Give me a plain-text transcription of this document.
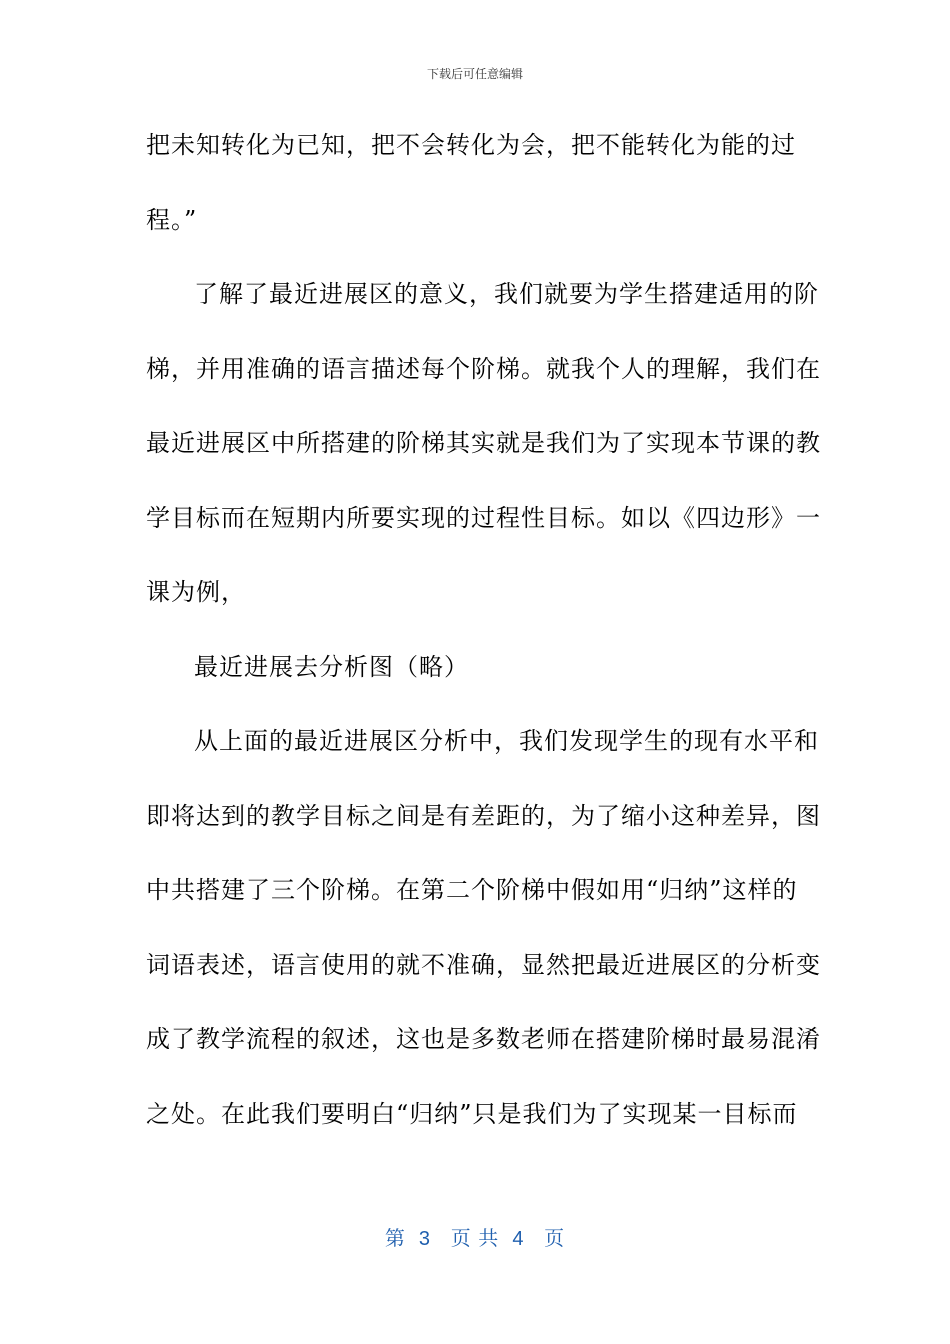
下载后可任意编辑
把未知转化为已知，把不会转化为会，把不能转化为能的过
程。”
了解了最近进展区的意义，我们就要为学生搭建适用的阶
梯，并用准确的语言描述每个阶梯。就我个人的理解，我们在
最近进展区中所搭建的阶梯其实就是我们为了实现本节课的教
学目标而在短期内所要实现的过程性目标。如以《四边形》一
课为例，
最近进展去分析图（略）
从上面的最近进展区分析中，我们发现学生的现有水平和
即将达到的教学目标之间是有差距的，为了缩小这种差异，图
中共搭建了三个阶梯。在第二个阶梯中假如用“归纳”这样的
词语表述，语言使用的就不准确，显然把最近进展区的分析变
成了教学流程的叙述，这也是多数老师在搭建阶梯时最易混淆
之处。在此我们要明白“归纳”只是我们为了实现某一目标而
第  3   页 共  4   页
